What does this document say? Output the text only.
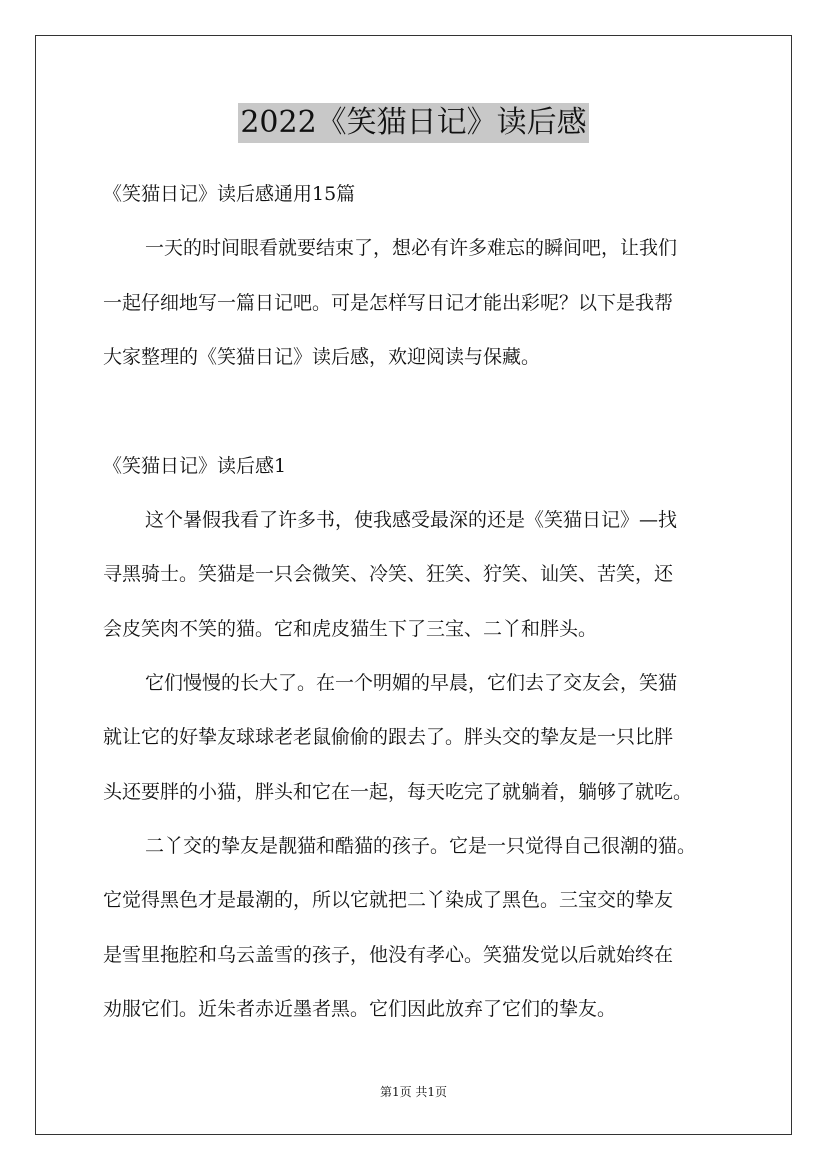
2022《笑猫日记》读后感
《笑猫日记》读后感通用15篇
一天的时间眼看就要结束了，想必有许多难忘的瞬间吧，让我们
一起仔细地写一篇日记吧。可是怎样写日记才能出彩呢？以下是我帮
大家整理的《笑猫日记》读后感，欢迎阅读与保藏。
《笑猫日记》读后感1
这个暑假我看了许多书，使我感受最深的还是《笑猫日记》—找
寻黑骑士。笑猫是一只会微笑、冷笑、狂笑、狞笑、讪笑、苦笑，还
会皮笑肉不笑的猫。它和虎皮猫生下了三宝、二丫和胖头。
它们慢慢的长大了。在一个明媚的早晨，它们去了交友会，笑猫
就让它的好挚友球球老老鼠偷偷的跟去了。胖头交的挚友是一只比胖
头还要胖的小猫，胖头和它在一起，每天吃完了就躺着，躺够了就吃。
二丫交的挚友是靓猫和酷猫的孩子。它是一只觉得自己很潮的猫。
它觉得黑色才是最潮的，所以它就把二丫染成了黑色。三宝交的挚友
是雪里拖腔和乌云盖雪的孩子，他没有孝心。笑猫发觉以后就始终在
劝服它们。近朱者赤近墨者黑。它们因此放弃了它们的挚友。
第1页 共1页
